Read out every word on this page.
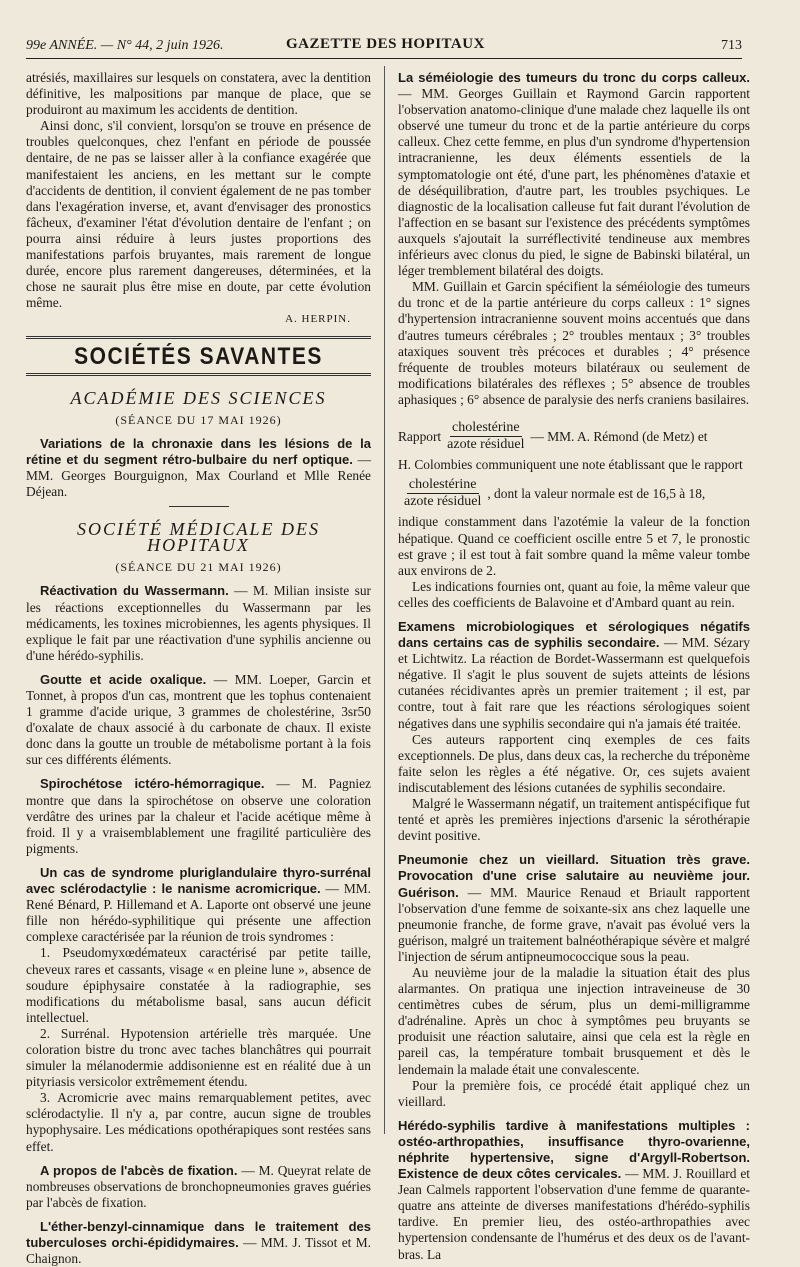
99e ANNÉE. — N° 44, 2 juin 1926.	GAZETTE DES HOPITAUX	713

atrésiés, maxillaires sur lesquels on constatera, avec la dentition définitive, les malpositions par manque de place, que se produiront au maximum les accidents de dentition.

Ainsi donc, s'il convient, lorsqu'on se trouve en présence de troubles quelconques, chez l'enfant en période de poussée dentaire, de ne pas se laisser aller à la confiance exagérée que manifestaient les anciens, en les mettant sur le compte d'accidents de dentition, il convient également de ne pas tomber dans l'exagération inverse, et, avant d'envisager des pronostics fâcheux, d'examiner l'état d'évolution dentaire de l'enfant ; on pourra ainsi réduire à leurs justes proportions des manifestations parfois bruyantes, mais rarement de longue durée, encore plus rarement dangereuses, déterminées, et la chose ne saurait plus être mise en doute, par cette évolution même.

A. HERPIN.
SOCIÉTÉS SAVANTES
ACADÉMIE DES SCIENCES
(SÉANCE DU 17 MAI 1926)

Variations de la chronaxie dans les lésions de la rétine et du segment rétro-bulbaire du nerf optique. — MM. Georges Bourguignon, Max Courland et Mlle Renée Déjean.

SOCIÉTÉ MÉDICALE DES HOPITAUX
(SÉANCE DU 21 MAI 1926)

Réactivation du Wassermann. — M. Milian insiste sur les réactions exceptionnelles du Wassermann par les médicaments, les toxines microbiennes, les agents physiques. Il explique le fait par une réactivation d'une syphilis ancienne ou d'une hérédo-syphilis.

Goutte et acide oxalique. — MM. Loeper, Garcin et Tonnet, à propos d'un cas, montrent que les tophus contenaient 1 gramme d'acide urique, 3 grammes de cholestérine, 3sr50 d'oxalate de chaux associé à du carbonate de chaux. Il existe donc dans la goutte un trouble de métabolisme portant à la fois sur ces différents éléments.

Spirochétose ictéro-hémorragique. — M. Pagniez montre que dans la spirochétose on observe une coloration verdâtre des urines par la chaleur et l'acide acétique même à froid. Il y a vraisemblablement une fragilité particulière des pigments.

Un cas de syndrome pluriglandulaire thyro-surrénal avec sclérodactylie : le nanisme acromicrique. — MM. René Bénard, P. Hillemand et A. Laporte ont observé une jeune fille non hérédo-syphilitique qui présente une affection complexe caractérisée par la réunion de trois syndromes :

1. Pseudomyxœdémateux caractérisé par petite taille, cheveux rares et cassants, visage « en pleine lune », absence de soudure épiphysaire constatée à la radiographie, ses modifications du métabolisme basal, sans aucun déficit intellectuel.

2. Surrénal. Hypotension artérielle très marquée. Une coloration bistre du tronc avec taches blanchâtres qui pourrait simuler la mélanodermie addisonienne est en réalité due à un pityriasis versicolor extrêmement étendu.

3. Acromicrie avec mains remarquablement petites, avec sclérodactylie. Il n'y a, par contre, aucun signe de troubles hypophysaire. Les médications opothérapiques sont restées sans effet.

A propos de l'abcès de fixation. — M. Queyrat relate de nombreuses observations de bronchopneumonies graves guéries par l'abcès de fixation.

L'éther-benzyl-cinnamique dans le traitement des tuberculoses orchi-épididymaires. — MM. J. Tissot et M. Chaignon.

La séméiologie des tumeurs du tronc du corps calleux. — MM. Georges Guillain et Raymond Garcin rapportent l'observation anatomo-clinique d'une malade chez laquelle ils ont observé une tumeur du tronc et de la partie antérieure du corps calleux. Chez cette femme, en plus d'un syndrome d'hypertension intracranienne, les deux éléments essentiels de la symptomatologie ont été, d'une part, les phénomènes d'ataxie et de déséquilibration, d'autre part, les troubles psychiques. Le diagnostic de la localisation calleuse fut fait durant l'évolution de l'affection en se basant sur l'existence des précédents symptômes auxquels s'ajoutait la surréflectivité tendineuse aux membres inférieurs avec clonus du pied, le signe de Babinski bilatéral, un léger tremblement bilatéral des doigts.

MM. Guillain et Garcin spécifient la séméiologie des tumeurs du tronc et de la partie antérieure du corps calleux : 1° signes d'hypertension intracranienne souvent moins accentués que dans d'autres tumeurs cérébrales ; 2° troubles mentaux ; 3° troubles ataxiques souvent très précoces et durables ; 4° présence fréquente de troubles moteurs bilatéraux ou seulement de modifications bilatérales des réflexes ; 5° absence de troubles aphasiques ; 6° absence de paralysie des nerfs craniens basilaires.

Rapport $\frac{\text{cholestérine}}{\text{azote résiduel}}$ — MM. A. Rémond (de Metz) et

H. Colombies communiquent une note établissant que le rapport

$\frac{\text{cholestérine}}{\text{azote résiduel}}$ , dont la valeur normale est de 16,5 à 18,

indique constamment dans l'azotémie la valeur de la fonction hépatique. Quand ce coefficient oscille entre 5 et 7, le pronostic est grave ; il est tout à fait sombre quand la même valeur tombe aux environs de 2.

Les indications fournies ont, quant au foie, la même valeur que celles des coefficients de Balavoine et d'Ambard quant au rein.

Examens microbiologiques et sérologiques négatifs dans certains cas de syphilis secondaire. — MM. Sézary et Lichtwitz. La réaction de Bordet-Wassermann est quelquefois négative. Il s'agit le plus souvent de sujets atteints de lésions cutanées récidivantes après un premier traitement ; il est, par contre, tout à fait rare que les réactions sérologiques soient négatives dans une syphilis secondaire qui n'a jamais été traitée.

Ces auteurs rapportent cinq exemples de ces faits exceptionnels. De plus, dans deux cas, la recherche du tréponème faite selon les règles a été négative. Or, ces sujets avaient indiscutablement des lésions cutanées de syphilis secondaire.

Malgré le Wassermann négatif, un traitement antispécifique fut tenté et après les premières injections d'arsenic la sérothérapie devint positive.

Pneumonie chez un vieillard. Situation très grave. Provocation d'une crise salutaire au neuvième jour. Guérison. — MM. Maurice Renaud et Briault rapportent l'observation d'une femme de soixante-six ans chez laquelle une pneumonie franche, de forme grave, n'avait pas évolué vers la guérison, malgré un traitement balnéothérapique sévère et malgré l'injection de sérum antipneumococcique sous la peau.

Au neuvième jour de la maladie la situation était des plus alarmantes. On pratiqua une injection intraveineuse de 30 centimètres cubes de sérum, plus un demi-milligramme d'adrénaline. Après un choc à symptômes peu bruyants se produisit une réaction salutaire, ainsi que cela est la règle en pareil cas, la température tombait brusquement et dès le lendemain la malade était une convalescente.

Pour la première fois, ce procédé était appliqué chez un vieillard.

Hérédo-syphilis tardive à manifestations multiples : ostéo-arthropathies, insuffisance thyro-ovarienne, néphrite hypertensive, signe d'Argyll-Robertson. Existence de deux côtes cervicales. — MM. J. Rouillard et Jean Calmels rapportent l'observation d'une femme de quarante-quatre ans atteinte de diverses manifestations d'hérédo-syphilis tardive. En premier lieu, des ostéo-arthropathies avec hypertension condensante de l'humérus et des deux os de l'avant-bras. La
